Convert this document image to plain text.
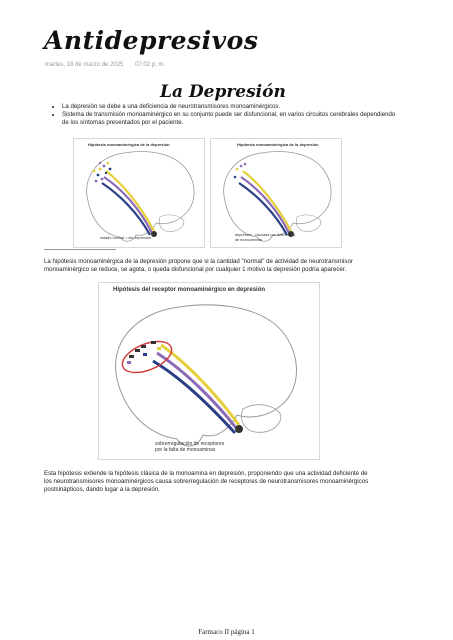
Antidepresivos
martes, 18 de marzo de 2025 07:02 p. m.
La Depresión
• La depresión se debe a una deficiencia de neurotransmisores monoaminérgicos.
• Sistema de transmisión monoaminérgico en su conjunto puede ser disfuncional, en varios circuitos cerebrales dependiendo de los síntomas presentados por el paciente.
Hipótesis monoaminérgica de la depresión
estado normal = sin depresión
Hipótesis monoaminérgica de la depresión
depresión - causada por deficiencia de monoaminas
La hipótesis monoaminérgica de la depresión propone que si la cantidad "normal" de actividad de neurotransmisor monoaminérgico se reduce, se agota, o queda disfuncional por cualquier 1 motivo la depresión podría aparecer.
Hipótesis del receptor monoaminérgico en depresión
sobrerregulación de receptores
por la falta de monoaminas
Esta hipótesis extiende la hipótesis clásica de la monoamina en depresión, proponiendo que una actividad deficiente de los neurotransmisores monoaminérgicos causa sobrerregulación de receptores de neurotransmisores monoaminérgicos postsinápticos, dando lugar a la depresión.
Farmaco II página 1
